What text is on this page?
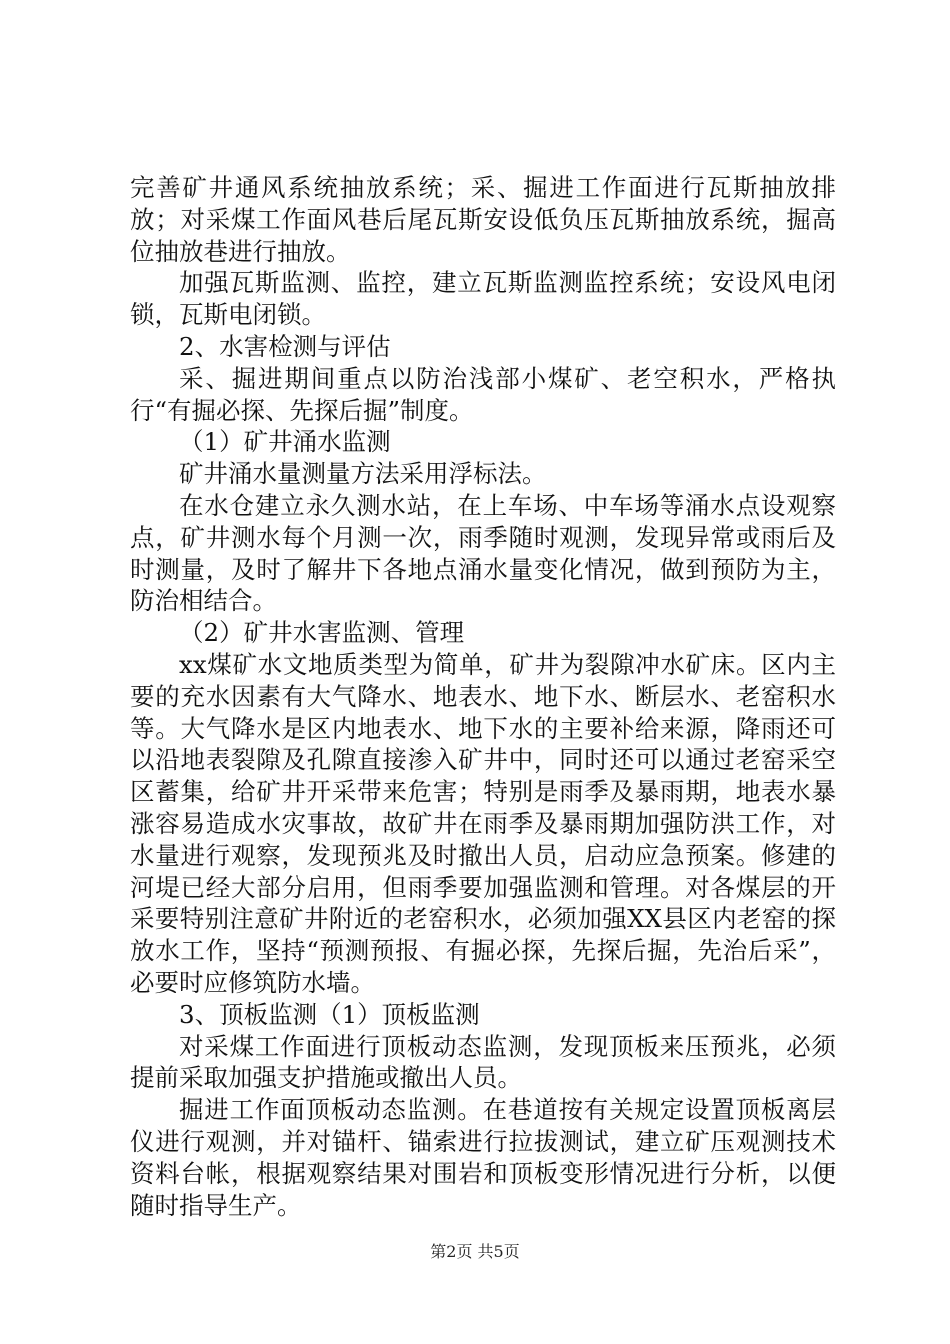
完善矿井通风系统抽放系统；采、掘进工作面进行瓦斯抽放排放；对采煤工作面风巷后尾瓦斯安设低负压瓦斯抽放系统，掘高位抽放巷进行抽放。

加强瓦斯监测、监控，建立瓦斯监测监控系统；安设风电闭锁，瓦斯电闭锁。

2、水害检测与评估

采、掘进期间重点以防治浅部小煤矿、老空积水，严格执行“有掘必探、先探后掘”制度。

（1）矿井涌水监测

矿井涌水量测量方法采用浮标法。

在水仓建立永久测水站，在上车场、中车场等涌水点设观察点，矿井测水每个月测一次，雨季随时观测，发现异常或雨后及时测量，及时了解井下各地点涌水量变化情况，做到预防为主，防治相结合。

（2）矿井水害监测、管理

xx煤矿水文地质类型为简单，矿井为裂隙冲水矿床。区内主要的充水因素有大气降水、地表水、地下水、断层水、老窑积水等。大气降水是区内地表水、地下水的主要补给来源，降雨还可以沿地表裂隙及孔隙直接渗入矿井中，同时还可以通过老窑采空区蓄集，给矿井开采带来危害；特别是雨季及暴雨期，地表水暴涨容易造成水灾事故，故矿井在雨季及暴雨期加强防洪工作，对水量进行观察，发现预兆及时撤出人员，启动应急预案。修建的河堤已经大部分启用，但雨季要加强监测和管理。对各煤层的开采要特别注意矿井附近的老窑积水，必须加强XX县区内老窑的探放水工作，坚持“预测预报、有掘必探，先探后掘，先治后采”，必要时应修筑防水墙。

3、顶板监测（1）顶板监测

对采煤工作面进行顶板动态监测，发现顶板来压预兆，必须提前采取加强支护措施或撤出人员。

掘进工作面顶板动态监测。在巷道按有关规定设置顶板离层仪进行观测，并对锚杆、锚索进行拉拔测试，建立矿压观测技术资料台帐，根据观察结果对围岩和顶板变形情况进行分析，以便随时指导生产。

第2页 共5页
